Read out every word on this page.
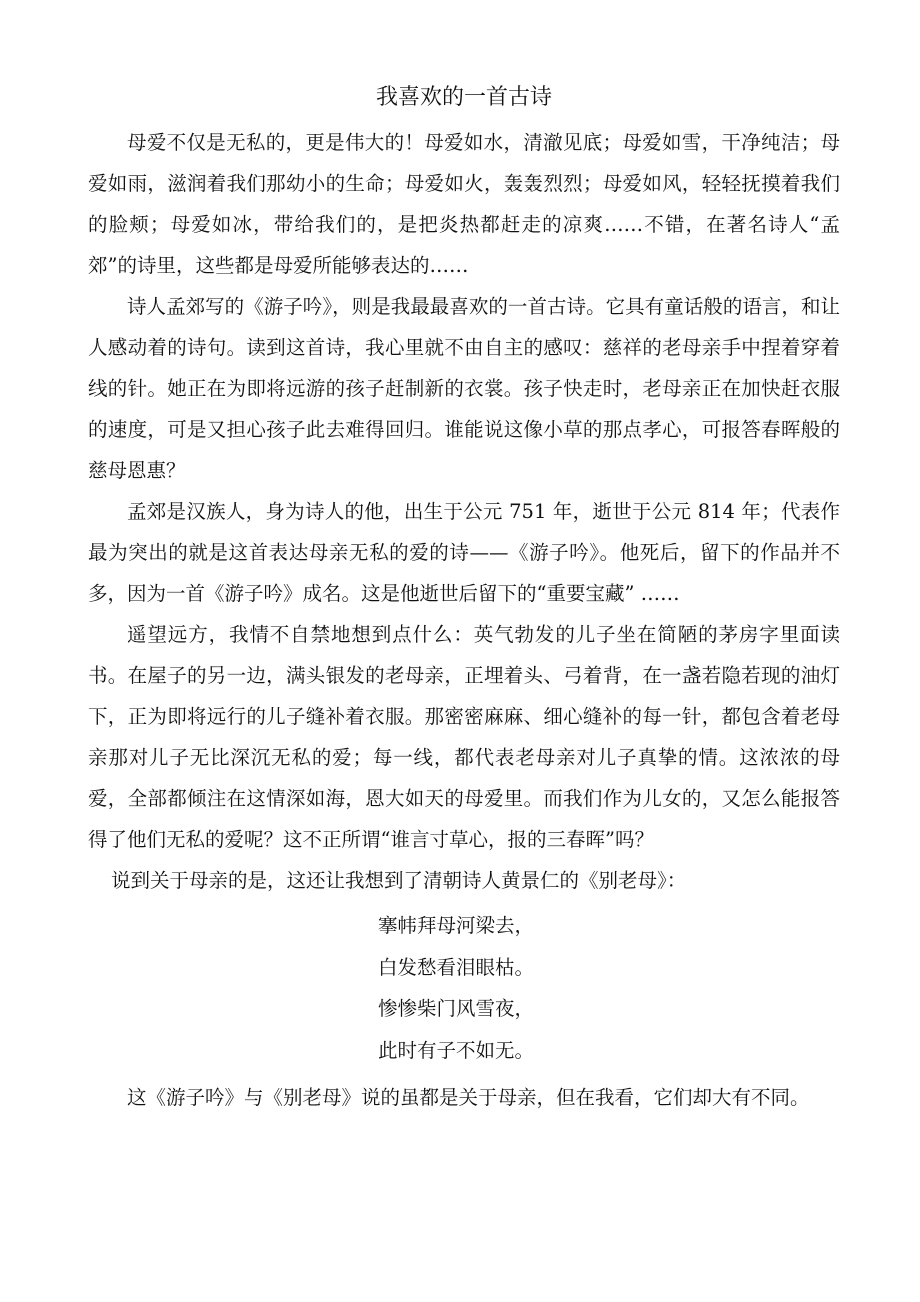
我喜欢的一首古诗

母爱不仅是无私的，更是伟大的！母爱如水，清澈见底；母爱如雪，干净纯洁；母爱如雨，滋润着我们那幼小的生命；母爱如火，轰轰烈烈；母爱如风，轻轻抚摸着我们的脸颊；母爱如冰，带给我们的，是把炎热都赶走的凉爽……不错，在著名诗人“孟郊”的诗里，这些都是母爱所能够表达的……

诗人孟郊写的《游子吟》，则是我最最喜欢的一首古诗。它具有童话般的语言，和让人感动着的诗句。读到这首诗，我心里就不由自主的感叹：慈祥的老母亲手中捏着穿着线的针。她正在为即将远游的孩子赶制新的衣裳。孩子快走时，老母亲正在加快赶衣服的速度，可是又担心孩子此去难得回归。谁能说这像小草的那点孝心，可报答春晖般的慈母恩惠？

孟郊是汉族人，身为诗人的他，出生于公元 751 年，逝世于公元 814 年；代表作最为突出的就是这首表达母亲无私的爱的诗——《游子吟》。他死后，留下的作品并不多，因为一首《游子吟》成名。这是他逝世后留下的“重要宝藏” ……

遥望远方，我情不自禁地想到点什么：英气勃发的儿子坐在简陋的茅房字里面读书。在屋子的另一边，满头银发的老母亲，正埋着头、弓着背，在一盏若隐若现的油灯下，正为即将远行的儿子缝补着衣服。那密密麻麻、细心缝补的每一针，都包含着老母亲那对儿子无比深沉无私的爱；每一线，都代表老母亲对儿子真挚的情。这浓浓的母爱，全部都倾注在这情深如海，恩大如天的母爱里。而我们作为儿女的，又怎么能报答得了他们无私的爱呢？这不正所谓“谁言寸草心，报的三春晖”吗？

说到关于母亲的是，这还让我想到了清朝诗人黄景仁的《别老母》：

搴帏拜母河梁去，

白发愁看泪眼枯。

惨惨柴门风雪夜，

此时有子不如无。

这《游子吟》与《别老母》说的虽都是关于母亲，但在我看，它们却大有不同。
